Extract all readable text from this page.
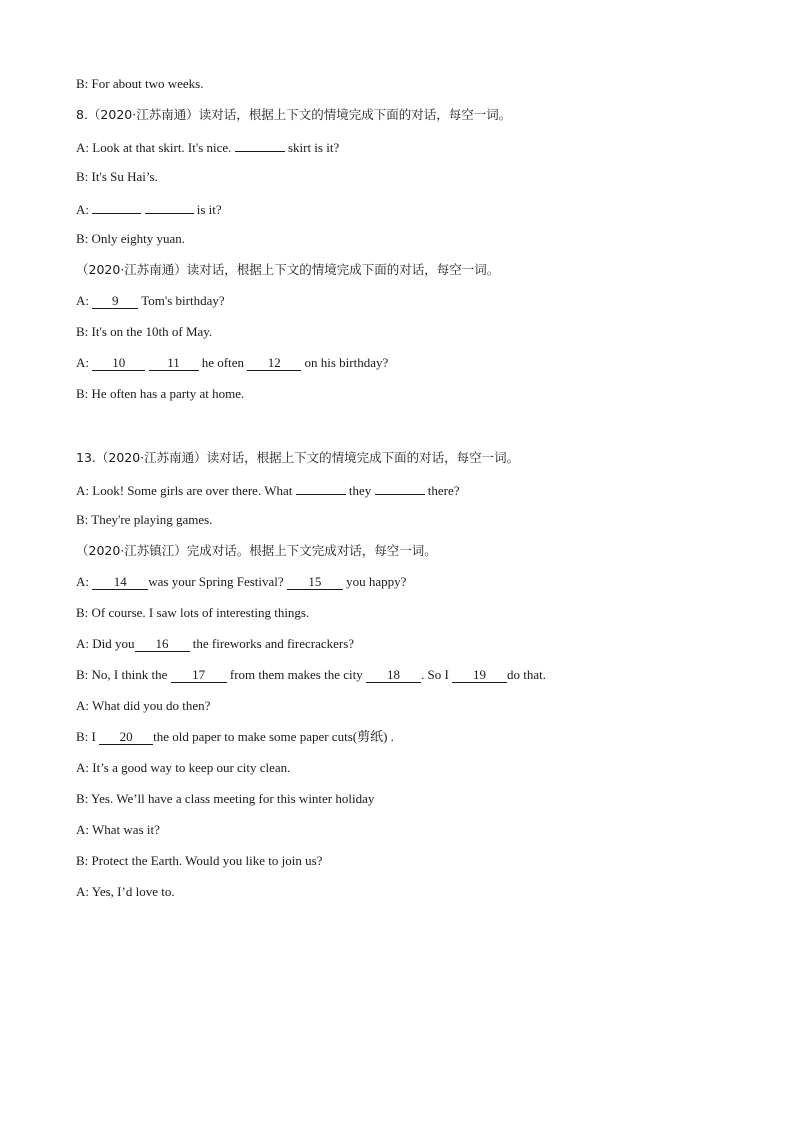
B: For about two weeks.
8.（2020·江苏南通）读对话，根据上下文的情境完成下面的对话，每空一词。
A: Look at that skirt. It's nice.	skirt is it?
B: It's Su Hai’s.
A:	is it?
B: Only eighty yuan.
（2020·江苏南通）读对话，根据上下文的情境完成下面的对话，每空一词。
A: 9 Tom's birthday?
B: It's on the 10th of May.
A: 10	11 he often 12 on his birthday?
B: He often has a party at home.
13.（2020·江苏南通）读对话，根据上下文的情境完成下面的对话，每空一词。
A: Look! Some girls are over there. What	they	there?
B: They're playing games.
（2020·江苏镇江）完成对话。根据上下文完成对话，每空一词。
A: 14 was your Spring Festival? 15 you happy?
B: Of course. I saw lots of interesting things.
A: Did you 16 the fireworks and firecrackers?
B: No, I think the 17 from them makes the city 18 . So I 19 do that.
A: What did you do then?
B: I 20 the old paper to make some paper cuts(剪纸) .
A: It’s a good way to keep our city clean.
B: Yes. We’ll have a class meeting for this winter holiday
A: What was it?
B: Protect the Earth. Would you like to join us?
A: Yes, I’d love to.
